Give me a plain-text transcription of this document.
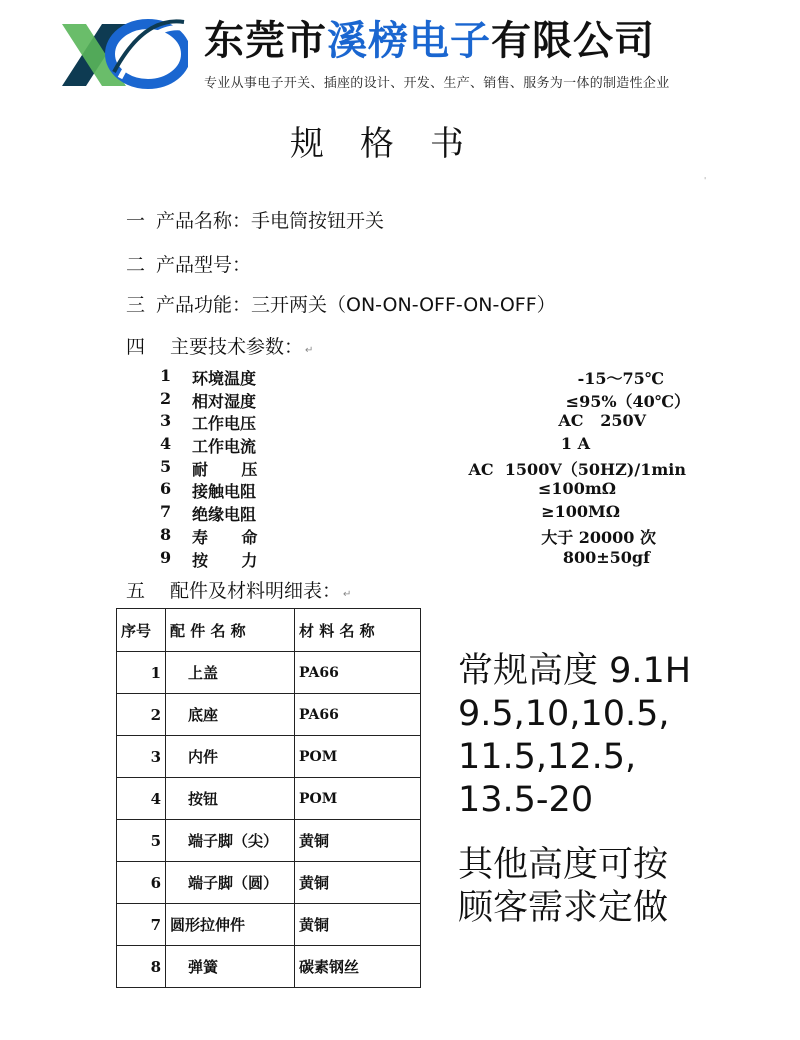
东莞市溪榜电子有限公司
专业从事电子开关、插座的设计、开发、生产、销售、服务为一体的制造性企业
规格书
'
一 产品名称：手电筒按钮开关
二 产品型号：
三 产品功能：三开两关（ON-ON-OFF-ON-OFF）
四 主要技术参数： ↵
1	环境温度	-15～75℃
2	相对湿度	≤95%（40℃）
3	工作电压	AC   250V
4	工作电流	1 A
5	耐      压	AC  1500V（50HZ)/1min
6	接触电阻	≤100mΩ
7	绝缘电阻	≥100MΩ
8	寿      命	大于 20000 次
9	按      力	800±50gf
五 配件及材料明细表： ↵
序号	配 件 名 称	材 料 名 称
1	上盖	PA66
2	底座	PA66
3	内件	POM
4	按钮	POM
5	端子脚（尖）	黄铜
6	端子脚（圆）	黄铜
7	圆形拉伸件	黄铜
8	弹簧	碳素钢丝
常规高度 9.1H
9.5,10,10.5,
11.5,12.5,
13.5-20
其他高度可按
顾客需求定做
